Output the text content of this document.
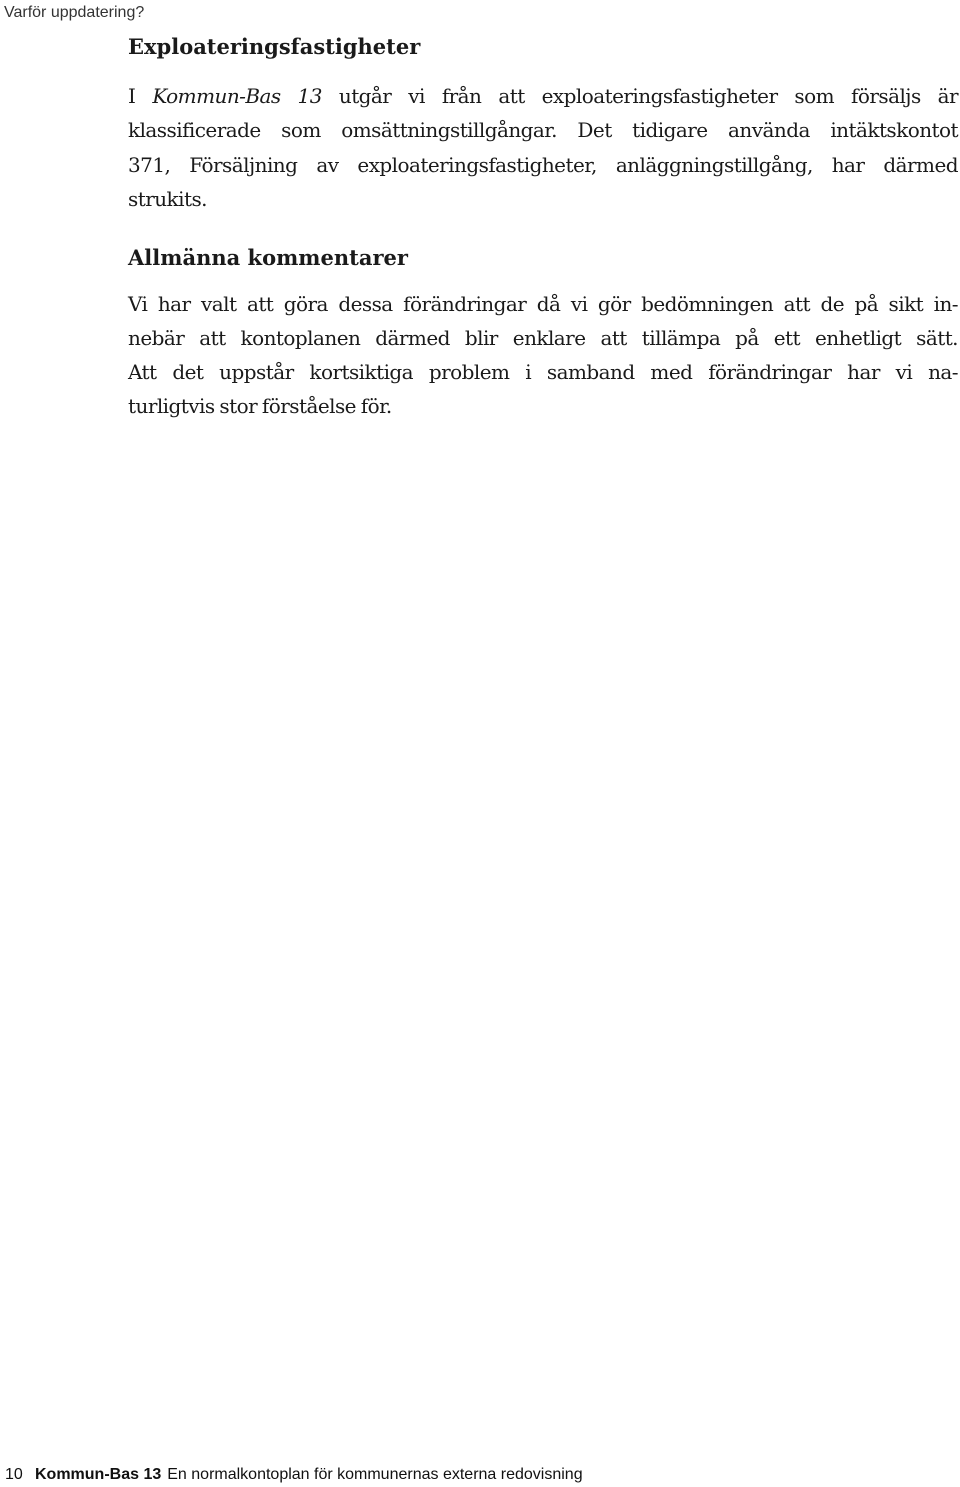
Varför uppdatering?
Exploateringsfastigheter
I Kommun-Bas 13 utgår vi från att exploateringsfastigheter som försäljs är
klassificerade som omsättningstillgångar. Det tidigare använda intäktskontot
371, Försäljning av exploateringsfastigheter, anläggningstillgång, har därmed
strukits.
Allmänna kommentarer
Vi har valt att göra dessa förändringar då vi gör bedömningen att de på sikt in-
nebär att kontoplanen därmed blir enklare att tillämpa på ett enhetligt sätt.
Att det uppstår kortsiktiga problem i samband med förändringar har vi na-
turligtvis stor förståelse för.
10 Kommun-Bas 13 En normalkontoplan för kommunernas externa redovisning
